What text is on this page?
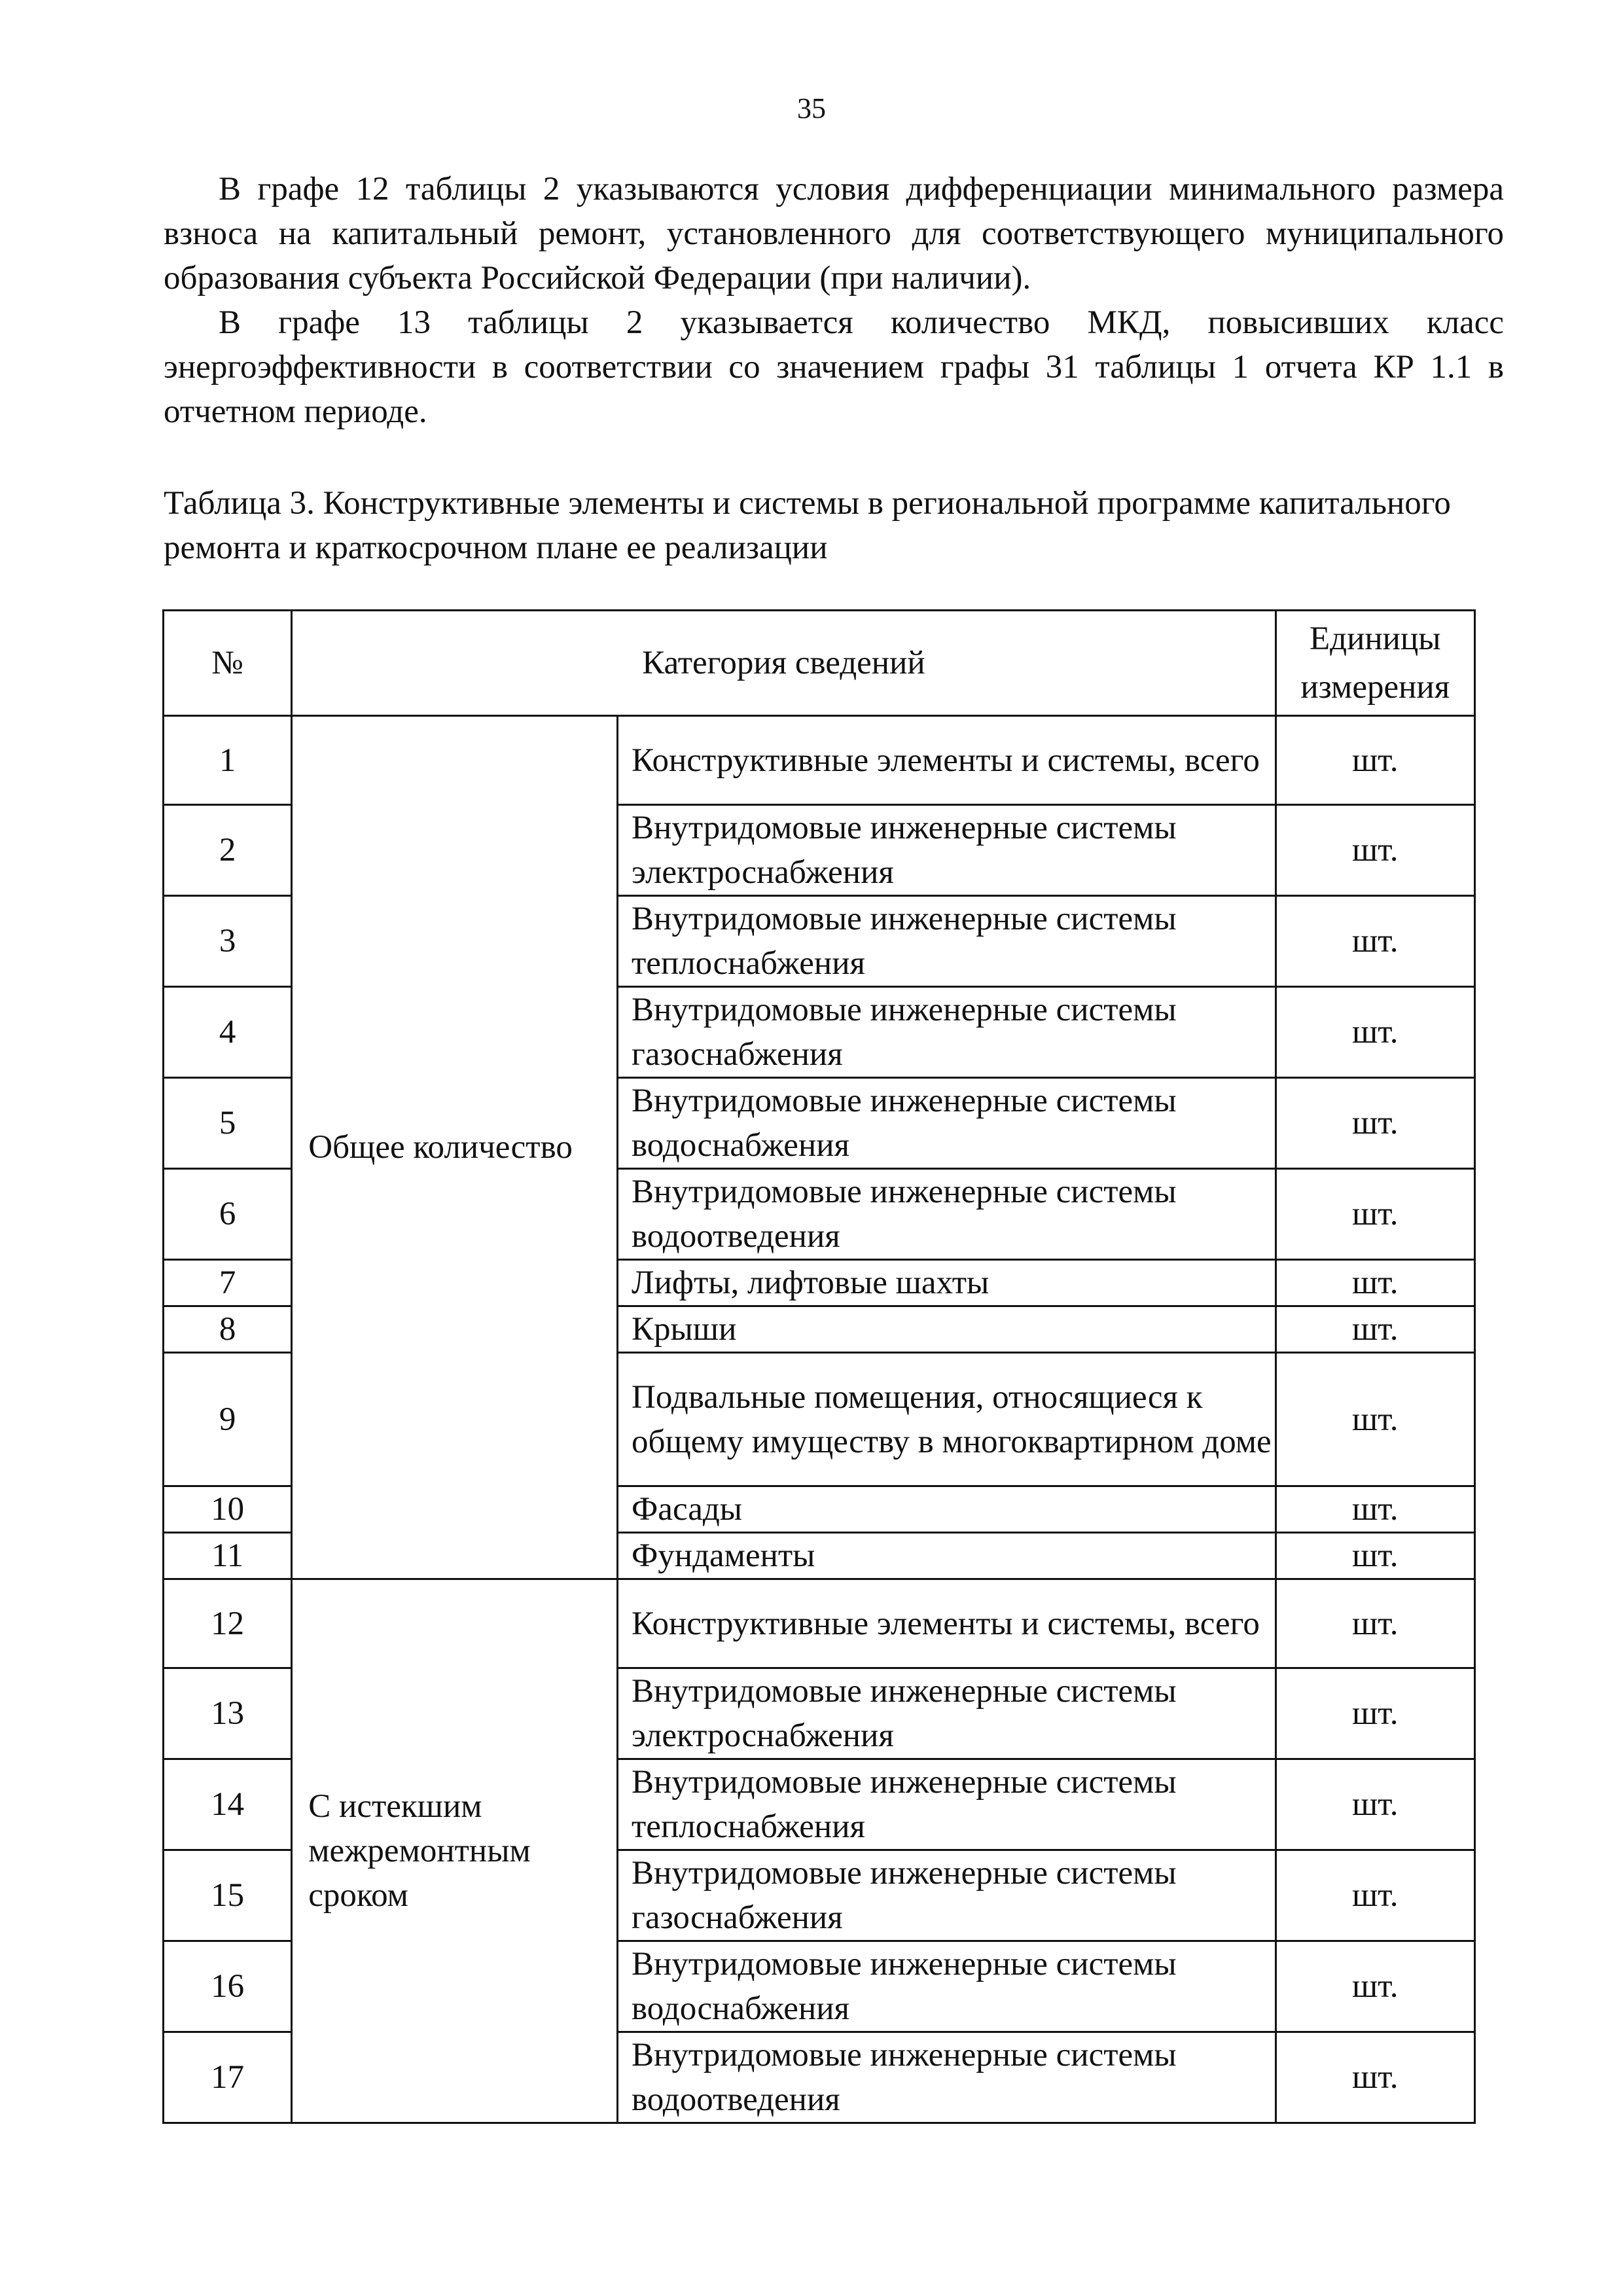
35

В графе 12 таблицы 2 указываются условия дифференциации минимального размера взноса на капитальный ремонт, установленного для соответствующего муниципального образования субъекта Российской Федерации (при наличии).

В графе 13 таблицы 2 указывается количество МКД, повысивших класс энергоэффективности в соответствии со значением графы 31 таблицы 1 отчета КР 1.1 в отчетном периоде.

Таблица 3. Конструктивные элементы и системы в региональной программе капитального ремонта и краткосрочном плане ее реализации

№	Категория сведений		Единицы
измерения
1	Общее количество	Конструктивные элементы и системы, всего	шт.
2		Внутридомовые инженерные системы электроснабжения	шт.
3		Внутридомовые инженерные системы теплоснабжения	шт.
4		Внутридомовые инженерные системы газоснабжения	шт.
5		Внутридомовые инженерные системы водоснабжения	шт.
6		Внутридомовые инженерные системы водоотведения	шт.
7		Лифты, лифтовые шахты	шт.
8		Крыши	шт.
9		Подвальные помещения, относящиеся к общему имуществу в многоквартирном доме	шт.
10		Фасады	шт.
11		Фундаменты	шт.
12	С истекшим межремонтным сроком	Конструктивные элементы и системы, всего	шт.
13		Внутридомовые инженерные системы электроснабжения	шт.
14		Внутридомовые инженерные системы теплоснабжения	шт.
15		Внутридомовые инженерные системы газоснабжения	шт.
16		Внутридомовые инженерные системы водоснабжения	шт.
17		Внутридомовые инженерные системы водоотведения	шт.
